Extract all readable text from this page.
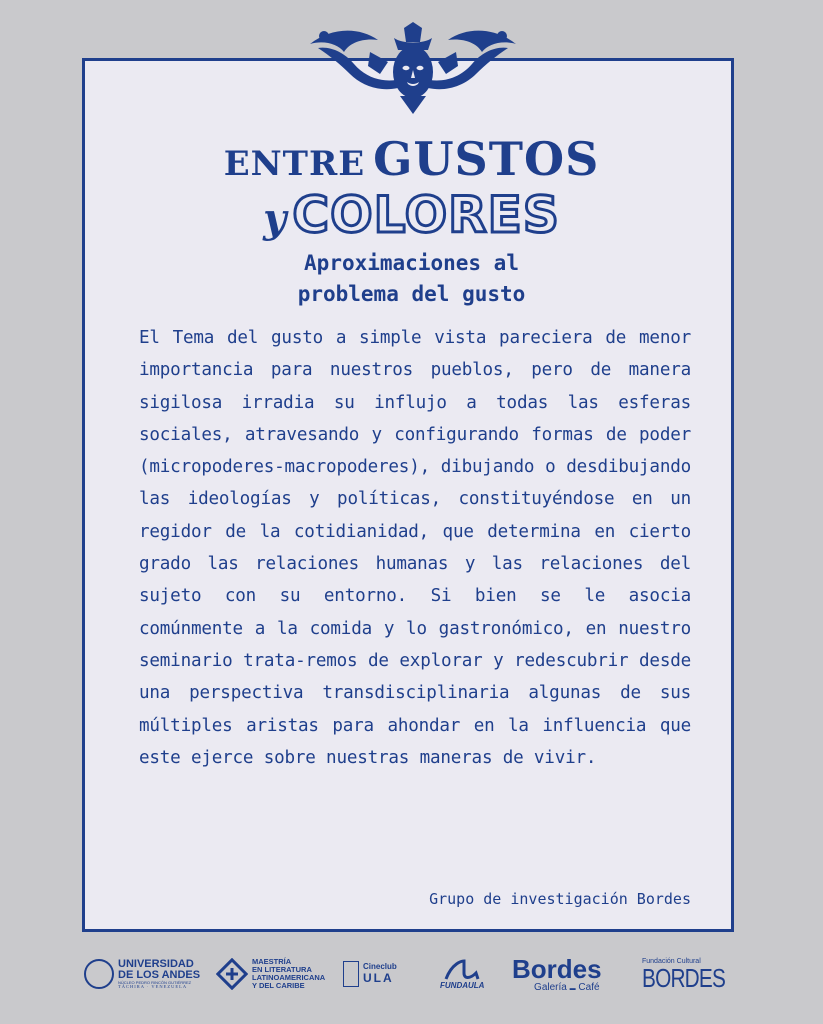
ENTRE GUSTOS
y COLORES
Aproximaciones al
problema del gusto
El Tema del gusto a simple vista pareciera de menor importancia para nuestros pueblos, pero de manera sigilosa irradia su influjo a todas las esferas sociales, atravesando y configurando formas de poder (micropoderes-macropoderes), dibujando o desdibujando las ideologías y políticas, constituyéndose en un regidor de la cotidianidad, que determina en cierto grado las relaciones humanas y las relaciones del sujeto con su entorno. Si bien se le asocia comúnmente a la comida y lo gastronómico, en nuestro seminario trata-remos de explorar y redescubrir desde una perspectiva transdisciplinaria algunas de sus múltiples aristas para ahondar en la influencia que este ejerce sobre nuestras maneras de vivir.
Grupo de investigación Bordes
UNIVERSIDAD
DE LOS ANDES
NÚCLEO PEDRO RINCÓN GUTIÉRREZ
TÁCHIRA · VENEZUELA
MAESTRÍA
EN LITERATURA
LATINOAMERICANA
Y DEL CARIBE
Cineclub
ULA
FUNDAULA
Bordes
Galería ▬ Café
Fundación Cultural
BORDES
